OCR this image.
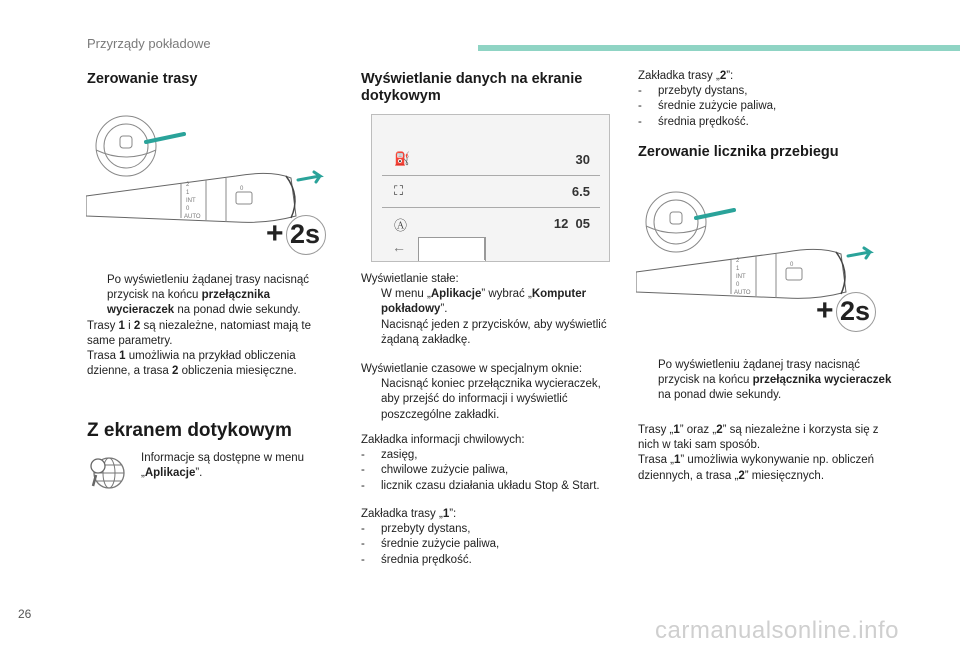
Przyrządy pokładowe
Zerowanie trasy
2
1
INT
0
AUTO
0
+ 2s
Po wyświetleniu żądanej trasy nacisnąć przycisk na końcu przełącznika wycieraczek na ponad dwie sekundy.

Trasy 1 i 2 są niezależne, natomiast mają te same parametry.

Trasa 1 umożliwia na przykład obliczenia dzienne, a trasa 2 obliczenia miesięczne.

Z ekranem dotykowym
Informacje są dostępne w menu „Aplikacje”.
Wyświetlanie danych na ekranie dotykowym
⛽	30
⛶	6.5
Ⓐ	12  05
←

Wyświetlanie stałe:

W menu „Aplikacje” wybrać „Komputer pokładowy”.
Nacisnąć jeden z przycisków, aby wyświetlić żądaną zakładkę.

Wyświetlanie czasowe w specjalnym oknie:

Nacisnąć koniec przełącznika wycieraczek, aby przejść do informacji i wyświetlić poszczególne zakładki.

Zakładka informacji chwilowych:

- zasięg,
- chwilowe zużycie paliwa,
- licznik czasu działania układu Stop & Start.

Zakładka trasy „1”:

- przebyty dystans,
- średnie zużycie paliwa,
- średnia prędkość.

Zakładka trasy „2”:

- przebyty dystans,
- średnie zużycie paliwa,
- średnia prędkość.
Zerowanie licznika przebiegu
2
1
INT
0
AUTO
0
+ 2s
Po wyświetleniu żądanej trasy nacisnąć przycisk na końcu przełącznika wycieraczek na ponad dwie sekundy.

Trasy „1” oraz „2” są niezależne i korzysta się z nich w taki sam sposób.

Trasa „1” umożliwia wykonywanie np. obliczeń dziennych, a trasa „2” miesięcznych.

26
carmanualsonline.info
